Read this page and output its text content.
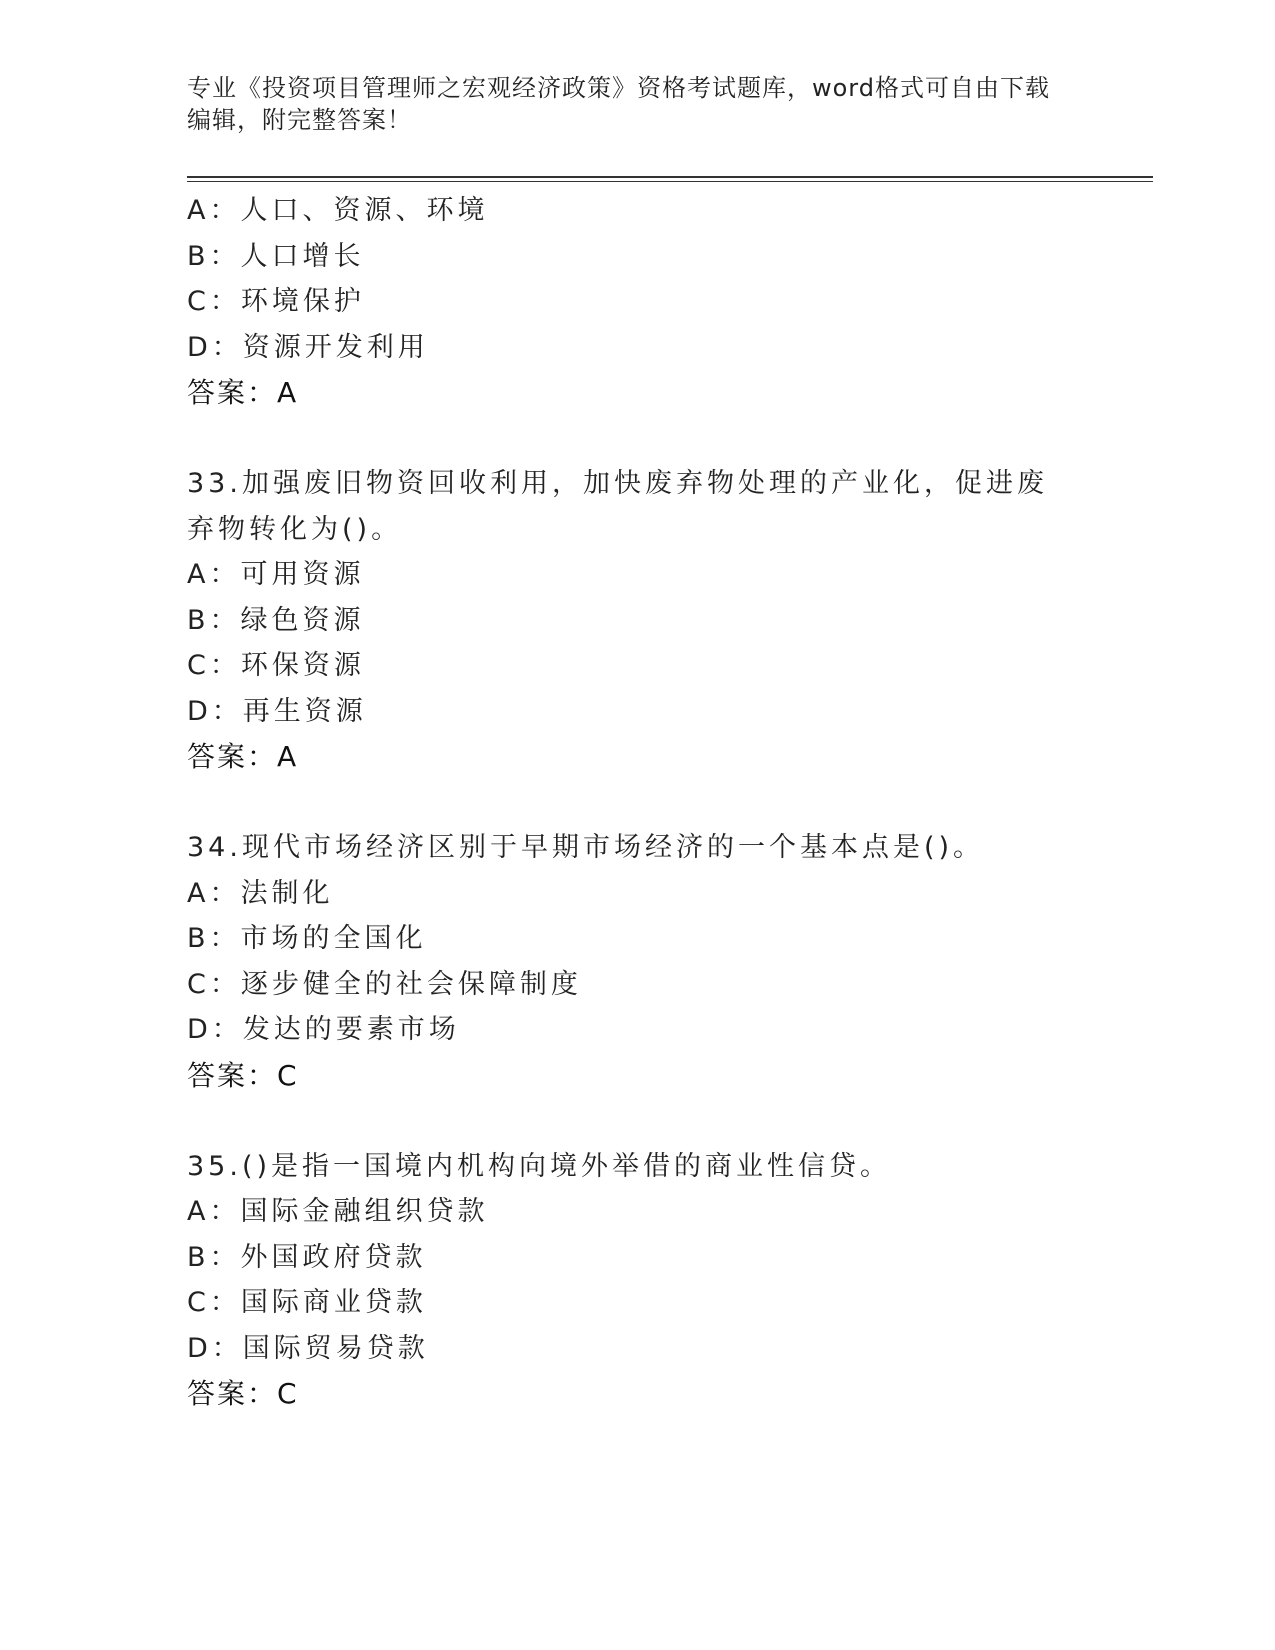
专业《投资项目管理师之宏观经济政策》资格考试题库，word格式可自由下载编辑，附完整答案！
A：人口、资源、环境
B：人口增长
C：环境保护
D：资源开发利用
答案：A
33.加强废旧物资回收利用，加快废弃物处理的产业化，促进废弃物转化为()。
A：可用资源
B：绿色资源
C：环保资源
D：再生资源
答案：A
34.现代市场经济区别于早期市场经济的一个基本点是()。
A：法制化
B：市场的全国化
C：逐步健全的社会保障制度
D：发达的要素市场
答案：C
35.()是指一国境内机构向境外举借的商业性信贷。
A：国际金融组织贷款
B：外国政府贷款
C：国际商业贷款
D：国际贸易贷款
答案：C
